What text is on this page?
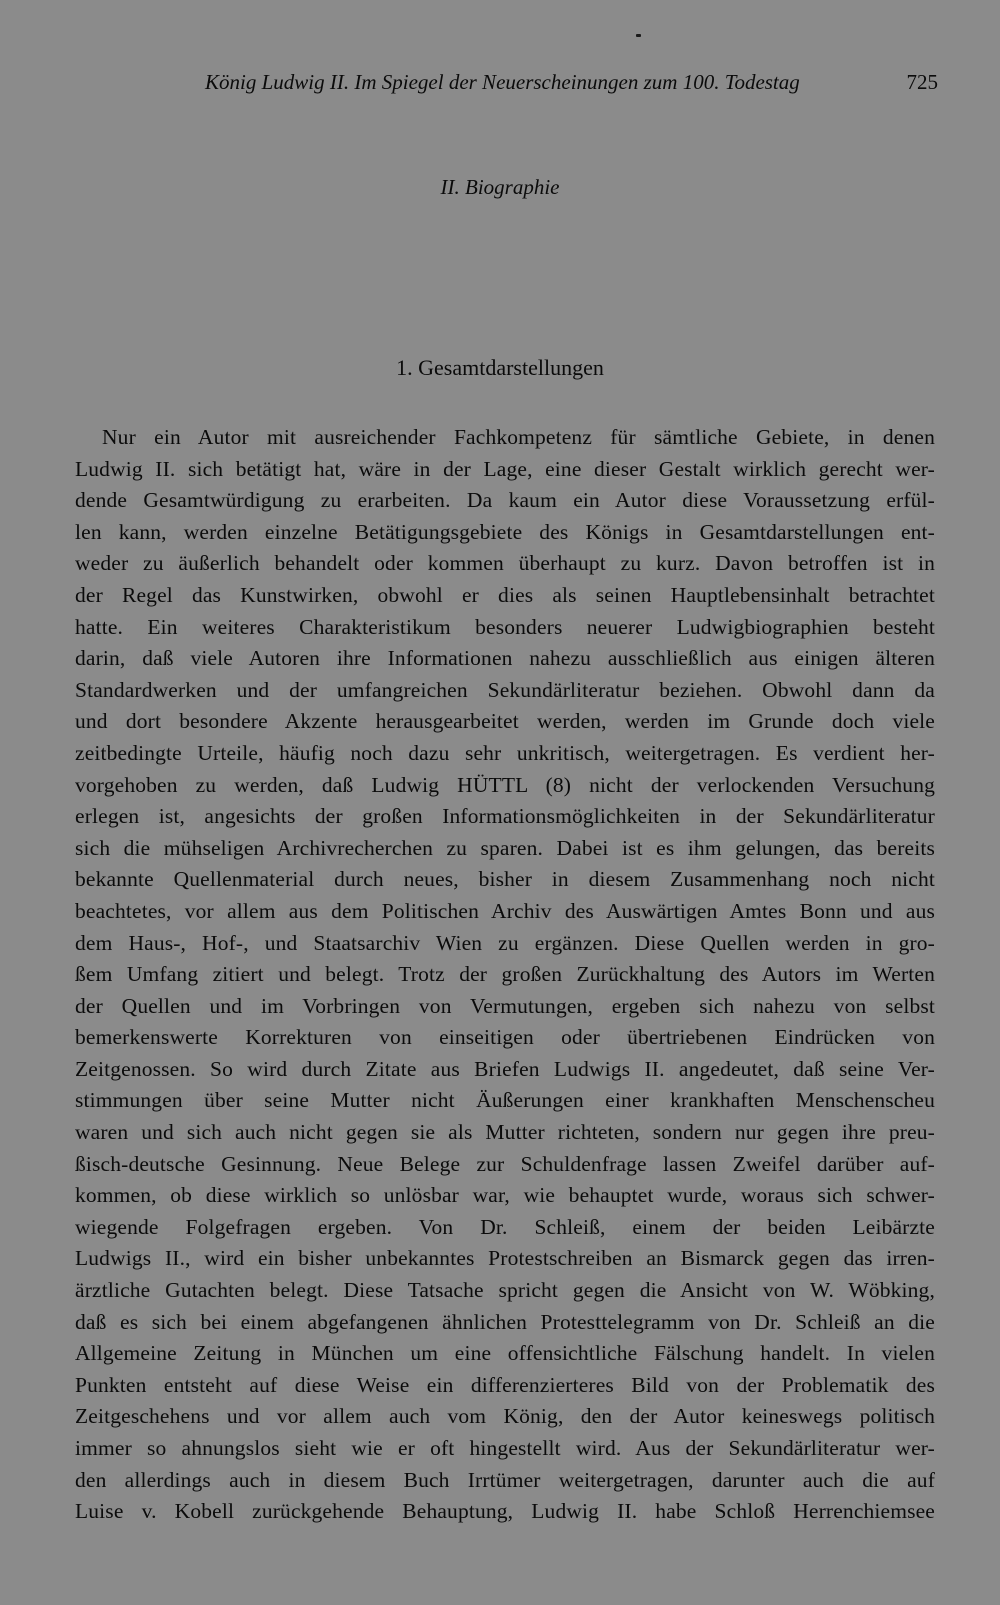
König Ludwig II. Im Spiegel der Neuerscheinungen zum 100. Todestag	725
II. Biographie
1. Gesamtdarstellungen
Nur ein Autor mit ausreichender Fachkompetenz für sämtliche Gebiete, in denen
Ludwig II. sich betätigt hat, wäre in der Lage, eine dieser Gestalt wirklich gerecht wer-
dende Gesamtwürdigung zu erarbeiten. Da kaum ein Autor diese Voraussetzung erfül-
len kann, werden einzelne Betätigungsgebiete des Königs in Gesamtdarstellungen ent-
weder zu äußerlich behandelt oder kommen überhaupt zu kurz. Davon betroffen ist in
der Regel das Kunstwirken, obwohl er dies als seinen Hauptlebensinhalt betrachtet
hatte. Ein weiteres Charakteristikum besonders neuerer Ludwigbiographien besteht
darin, daß viele Autoren ihre Informationen nahezu ausschließlich aus einigen älteren
Standardwerken und der umfangreichen Sekundärliteratur beziehen. Obwohl dann da
und dort besondere Akzente herausgearbeitet werden, werden im Grunde doch viele
zeitbedingte Urteile, häufig noch dazu sehr unkritisch, weitergetragen. Es verdient her-
vorgehoben zu werden, daß Ludwig HÜTTL (8) nicht der verlockenden Versuchung
erlegen ist, angesichts der großen Informationsmöglichkeiten in der Sekundärliteratur
sich die mühseligen Archivrecherchen zu sparen. Dabei ist es ihm gelungen, das bereits
bekannte Quellenmaterial durch neues, bisher in diesem Zusammenhang noch nicht
beachtetes, vor allem aus dem Politischen Archiv des Auswärtigen Amtes Bonn und aus
dem Haus-, Hof-, und Staatsarchiv Wien zu ergänzen. Diese Quellen werden in gro-
ßem Umfang zitiert und belegt. Trotz der großen Zurückhaltung des Autors im Werten
der Quellen und im Vorbringen von Vermutungen, ergeben sich nahezu von selbst
bemerkenswerte Korrekturen von einseitigen oder übertriebenen Eindrücken von
Zeitgenossen. So wird durch Zitate aus Briefen Ludwigs II. angedeutet, daß seine Ver-
stimmungen über seine Mutter nicht Äußerungen einer krankhaften Menschenscheu
waren und sich auch nicht gegen sie als Mutter richteten, sondern nur gegen ihre preu-
ßisch-deutsche Gesinnung. Neue Belege zur Schuldenfrage lassen Zweifel darüber auf-
kommen, ob diese wirklich so unlösbar war, wie behauptet wurde, woraus sich schwer-
wiegende Folgefragen ergeben. Von Dr. Schleiß, einem der beiden Leibärzte
Ludwigs II., wird ein bisher unbekanntes Protestschreiben an Bismarck gegen das irren-
ärztliche Gutachten belegt. Diese Tatsache spricht gegen die Ansicht von W. Wöbking,
daß es sich bei einem abgefangenen ähnlichen Protesttelegramm von Dr. Schleiß an die
Allgemeine Zeitung in München um eine offensichtliche Fälschung handelt. In vielen
Punkten entsteht auf diese Weise ein differenzierteres Bild von der Problematik des
Zeitgeschehens und vor allem auch vom König, den der Autor keineswegs politisch
immer so ahnungslos sieht wie er oft hingestellt wird. Aus der Sekundärliteratur wer-
den allerdings auch in diesem Buch Irrtümer weitergetragen, darunter auch die auf
Luise v. Kobell zurückgehende Behauptung, Ludwig II. habe Schloß Herrenchiemsee
